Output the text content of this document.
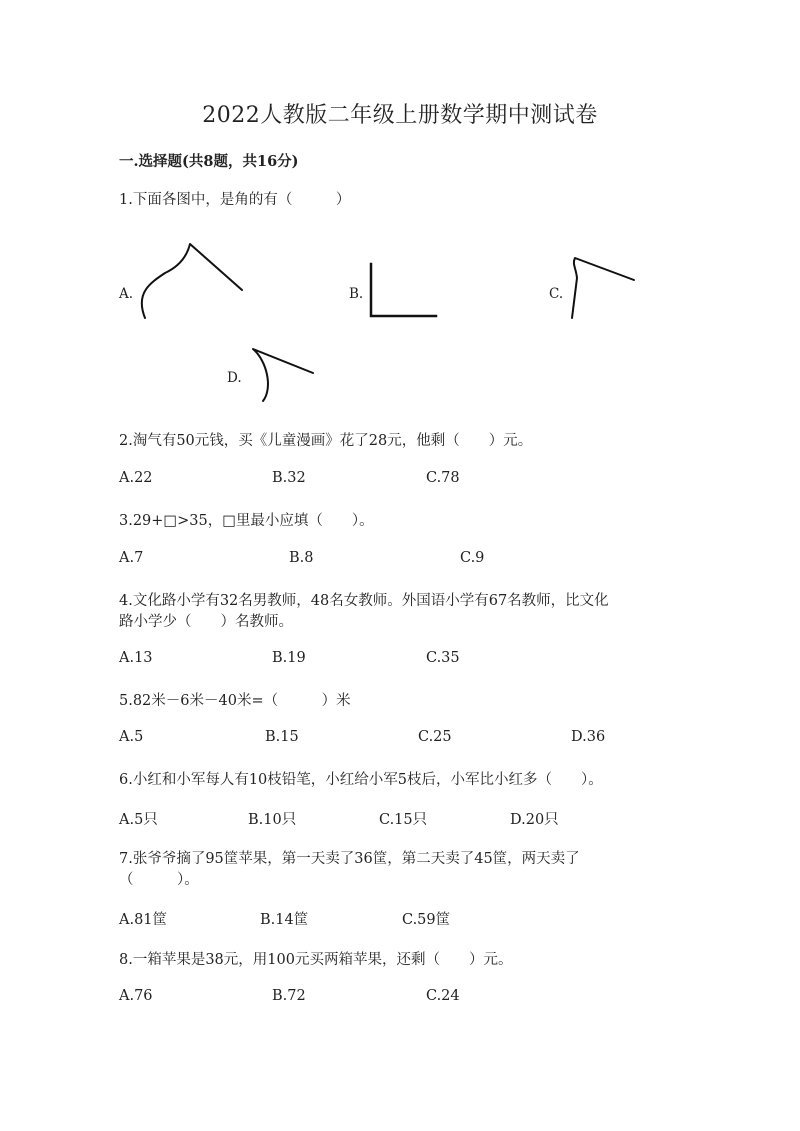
2022人教版二年级上册数学期中测试卷
一.选择题(共8题，共16分)
1.下面各图中，是角的有（　　　）
A.	B.	C.
D.
2.淘气有50元钱，买《儿童漫画》花了28元，他剩（　　）元。
A.22	B.32	C.78
3.29+□>35，□里最小应填（　　）。
A.7	B.8	C.9
4.文化路小学有32名男教师，48名女教师。外国语小学有67名教师，比文化
路小学少（　　）名教师。
A.13	B.19	C.35
5.82米－6米－40米=（　　　）米
A.5	B.15	C.25	D.36
6.小红和小军每人有10枝铅笔，小红给小军5枝后，小军比小红多（　　）。
A.5只	B.10只	C.15只	D.20只
7.张爷爷摘了95筐苹果，第一天卖了36筐，第二天卖了45筐，两天卖了
（　　　）。
A.81筐	B.14筐	C.59筐
8.一箱苹果是38元，用100元买两箱苹果，还剩（　　）元。
A.76	B.72	C.24
